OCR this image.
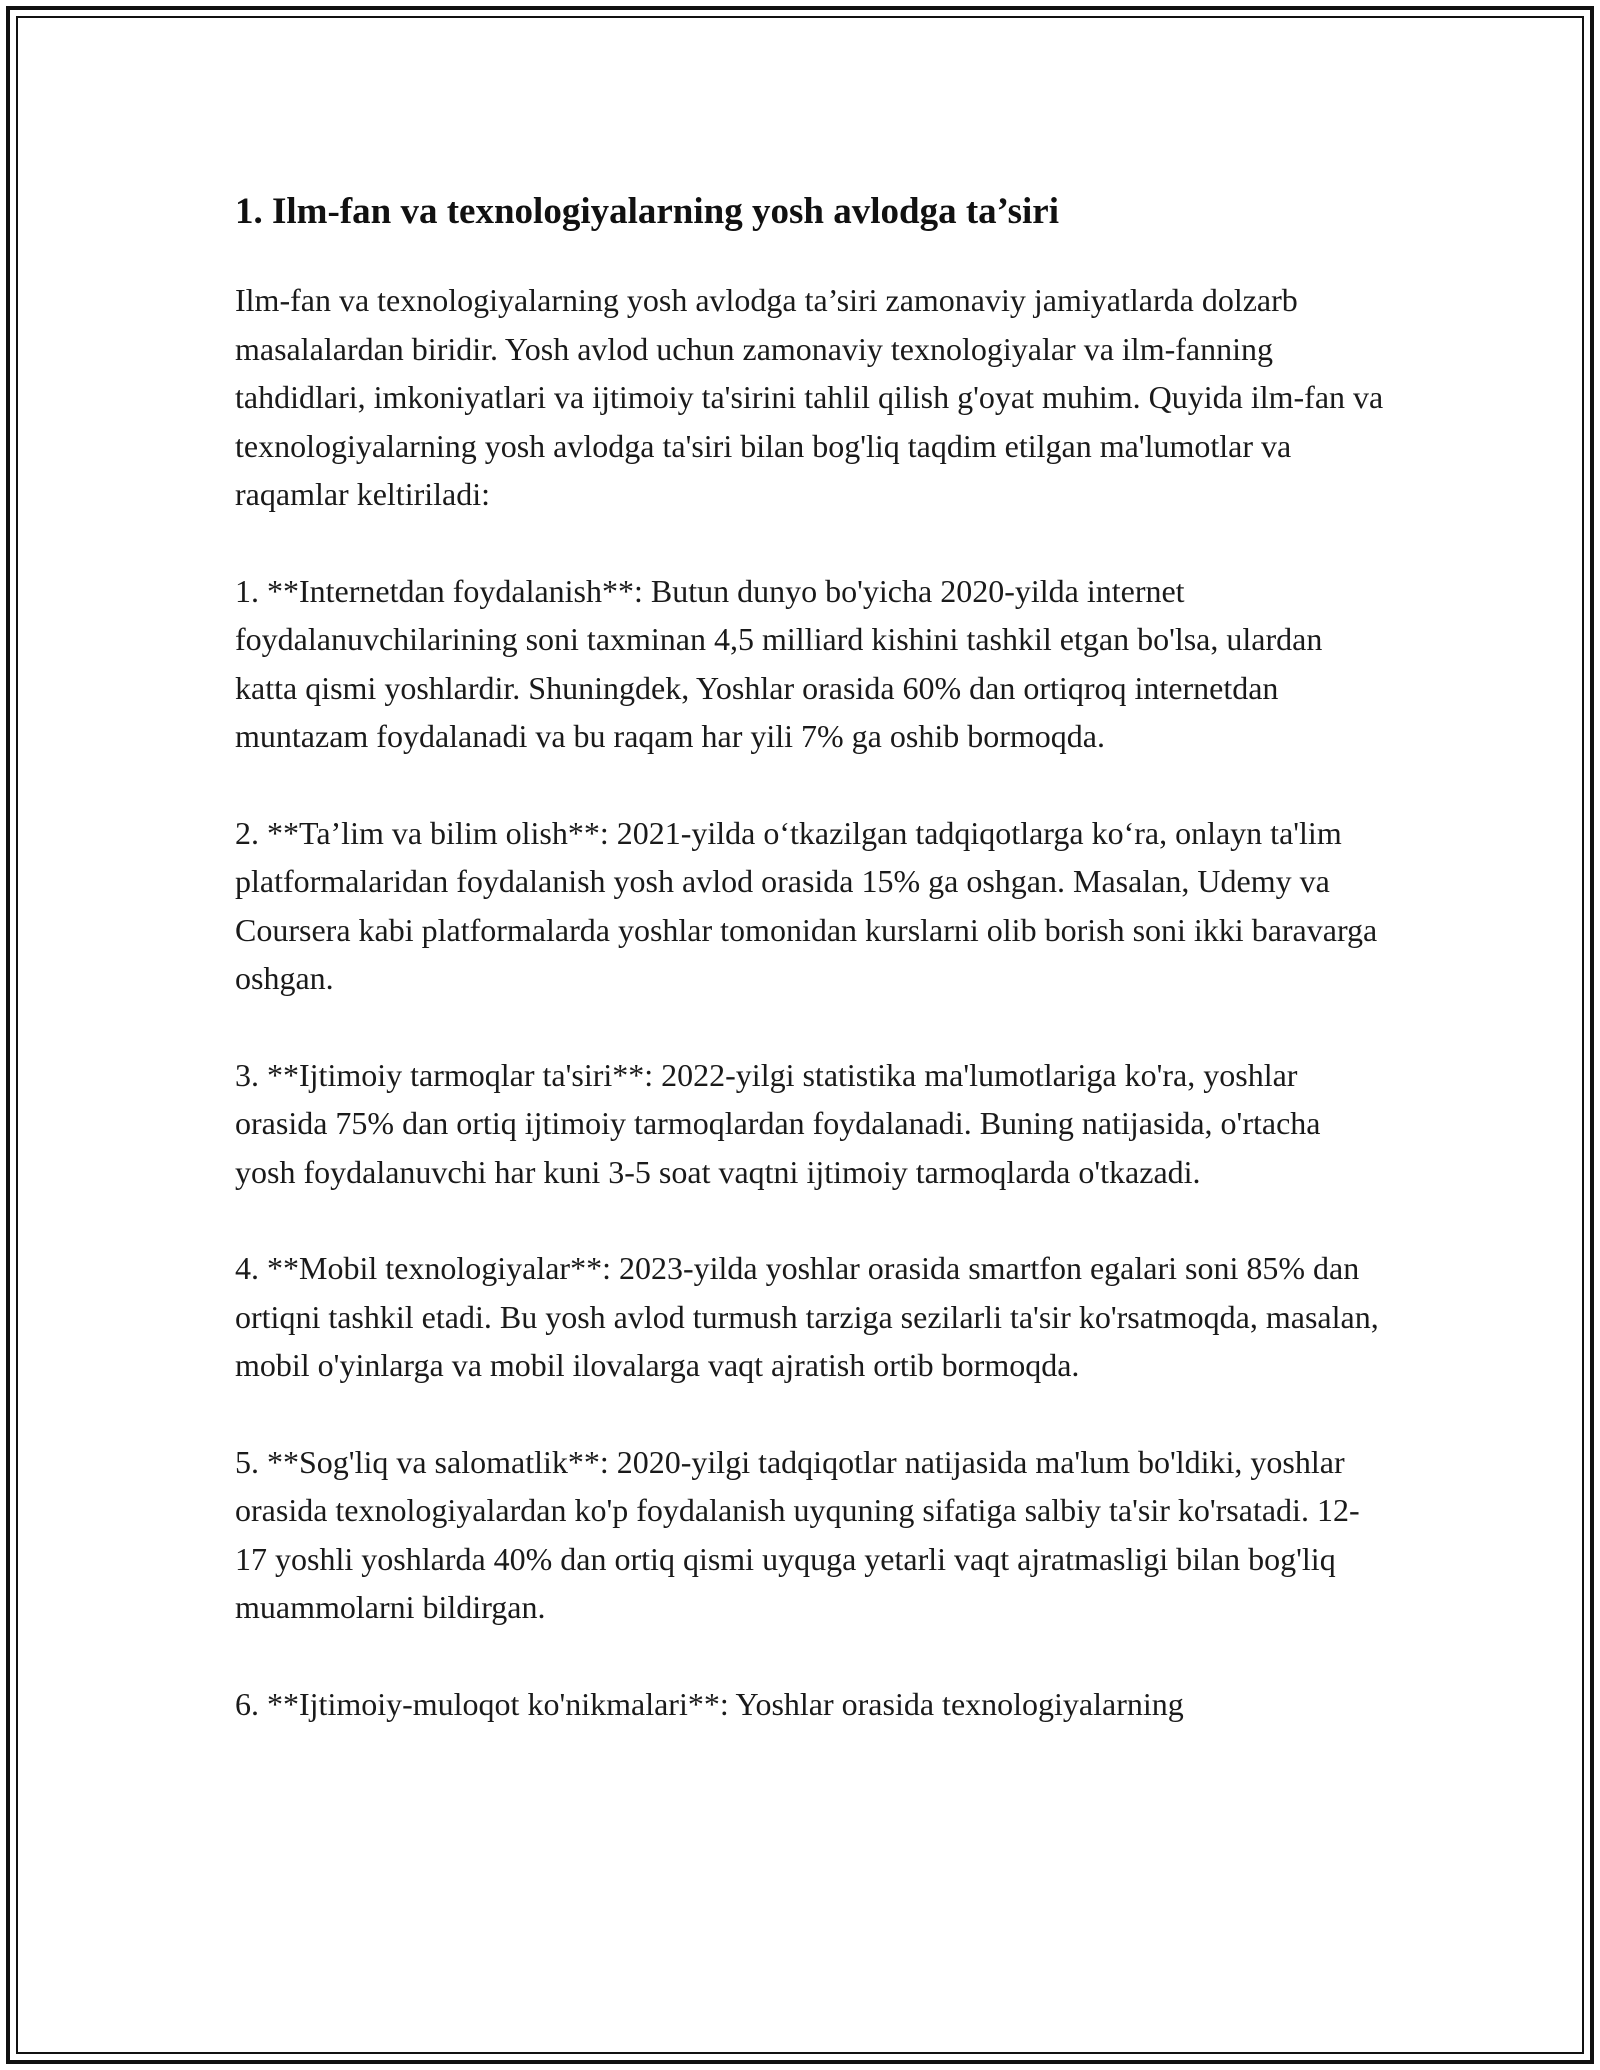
1. Ilm-fan va texnologiyalarning yosh avlodga ta’siri

Ilm-fan va texnologiyalarning yosh avlodga ta’siri zamonaviy jamiyatlarda dolzarb masalalardan biridir. Yosh avlod uchun zamonaviy texnologiyalar va ilm-fanning tahdidlari, imkoniyatlari va ijtimoiy ta'sirini tahlil qilish g'oyat muhim. Quyida ilm-fan va texnologiyalarning yosh avlodga ta'siri bilan bog'liq taqdim etilgan ma'lumotlar va raqamlar keltiriladi:

1. **Internetdan foydalanish**: Butun dunyo bo'yicha 2020-yilda internet foydalanuvchilarining soni taxminan 4,5 milliard kishini tashkil etgan bo'lsa, ulardan katta qismi yoshlardir. Shuningdek, Yoshlar orasida 60% dan ortiqroq internetdan muntazam foydalanadi va bu raqam har yili 7% ga oshib bormoqda.

2. **Ta’lim va bilim olish**: 2021-yilda o‘tkazilgan tadqiqotlarga ko‘ra, onlayn ta'lim platformalaridan foydalanish yosh avlod orasida 15% ga oshgan. Masalan, Udemy va Coursera kabi platformalarda yoshlar tomonidan kurslarni olib borish soni ikki baravarga oshgan.

3. **Ijtimoiy tarmoqlar ta'siri**: 2022-yilgi statistika ma'lumotlariga ko'ra, yoshlar orasida 75% dan ortiq ijtimoiy tarmoqlardan foydalanadi. Buning natijasida, o'rtacha yosh foydalanuvchi har kuni 3-5 soat vaqtni ijtimoiy tarmoqlarda o'tkazadi.

4. **Mobil texnologiyalar**: 2023-yilda yoshlar orasida smartfon egalari soni 85% dan ortiqni tashkil etadi. Bu yosh avlod turmush tarziga sezilarli ta'sir ko'rsatmoqda, masalan, mobil o'yinlarga va mobil ilovalarga vaqt ajratish ortib bormoqda.

5. **Sog'liq va salomatlik**: 2020-yilgi tadqiqotlar natijasida ma'lum bo'ldiki, yoshlar orasida texnologiyalardan ko'p foydalanish uyquning sifatiga salbiy ta'sir ko'rsatadi. 12-17 yoshli yoshlarda 40% dan ortiq qismi uyquga yetarli vaqt ajratmasligi bilan bog'liq muammolarni bildirgan.

6. **Ijtimoiy-muloqot ko'nikmalari**: Yoshlar orasida texnologiyalarning
